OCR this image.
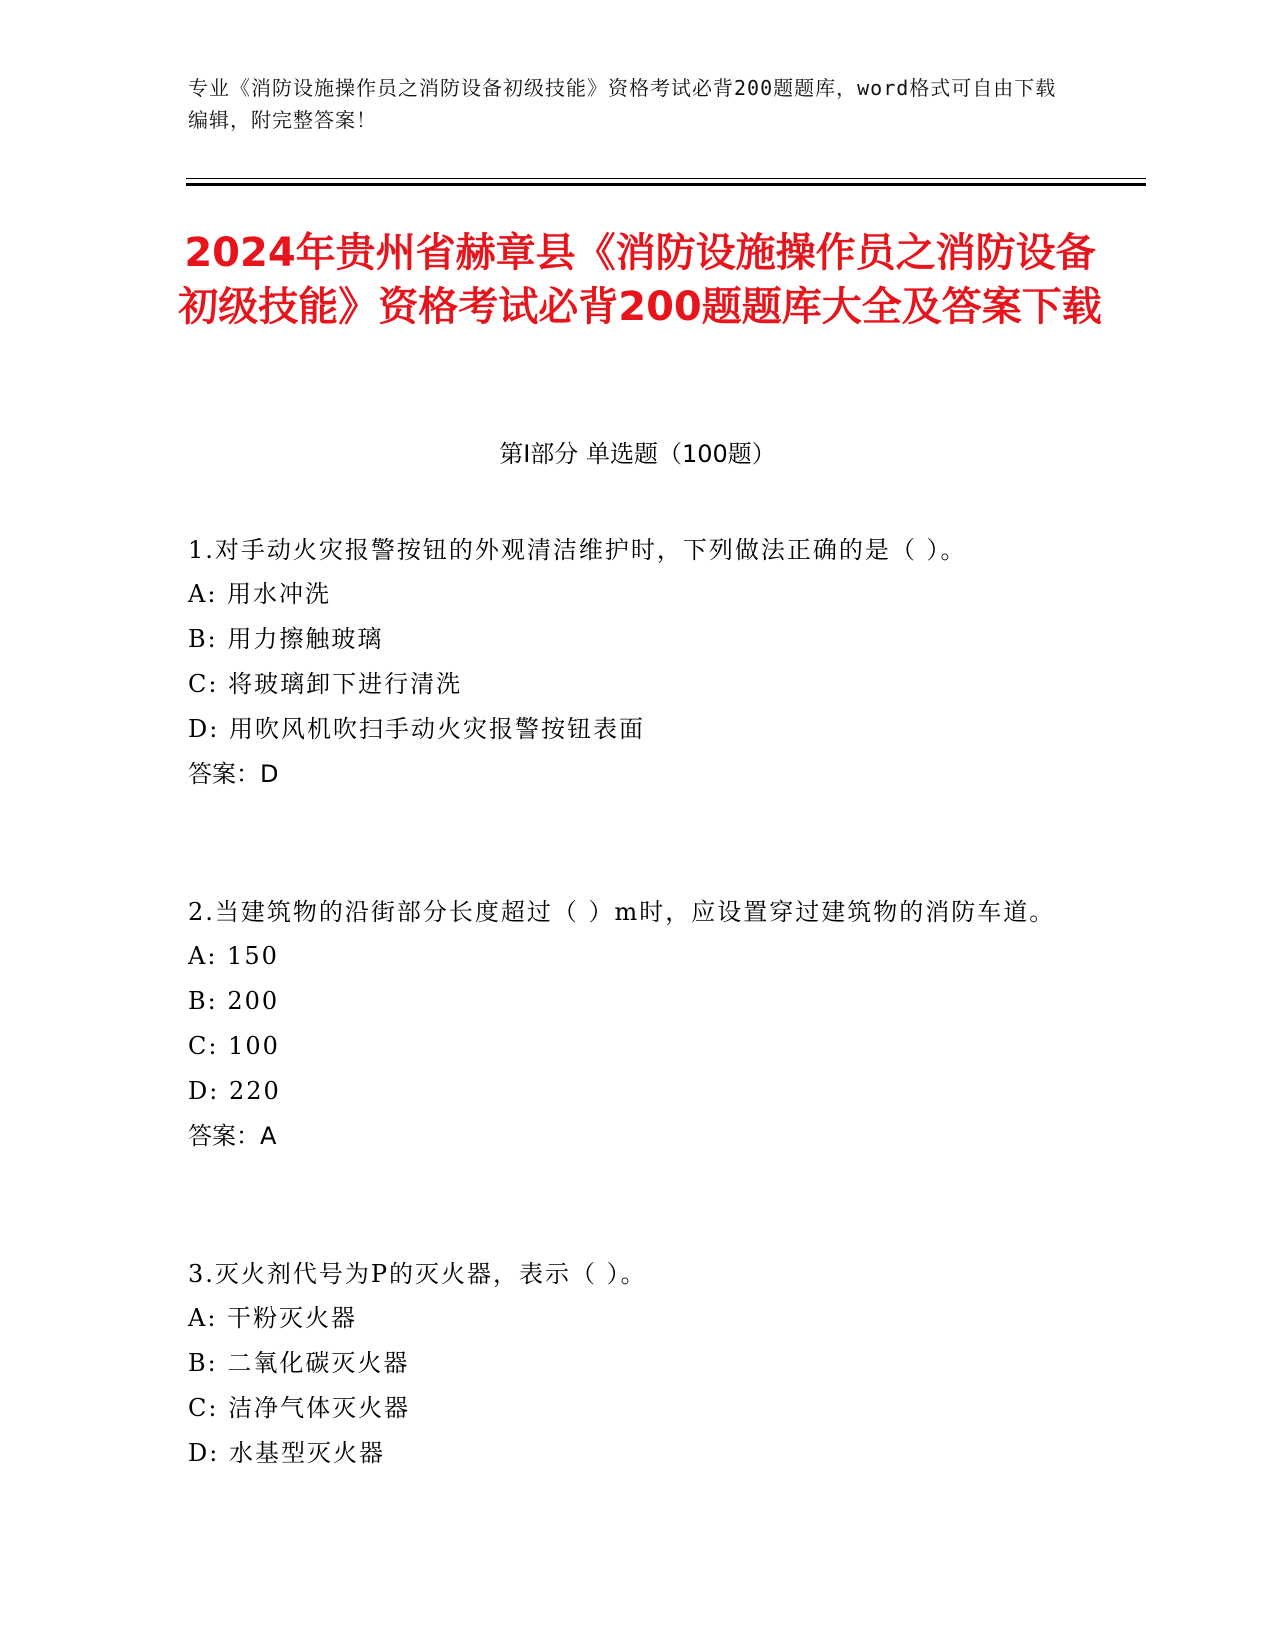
专业《消防设施操作员之消防设备初级技能》资格考试必背200题题库，word格式可自由下载编辑，附完整答案！
2024年贵州省赫章县《消防设施操作员之消防设备初级技能》资格考试必背200题题库大全及答案下载
第I部分 单选题（100题）

1.对手动火灾报警按钮的外观清洁维护时，下列做法正确的是（ ）。

A: 用水冲洗

B: 用力擦触玻璃

C: 将玻璃卸下进行清洗

D: 用吹风机吹扫手动火灾报警按钮表面

答案：D

2.当建筑物的沿街部分长度超过（ ）m时，应设置穿过建筑物的消防车道。

A: 150

B: 200

C: 100

D: 220

答案：A

3.灭火剂代号为P的灭火器，表示（ ）。

A: 干粉灭火器

B: 二氧化碳灭火器

C: 洁净气体灭火器

D: 水基型灭火器
